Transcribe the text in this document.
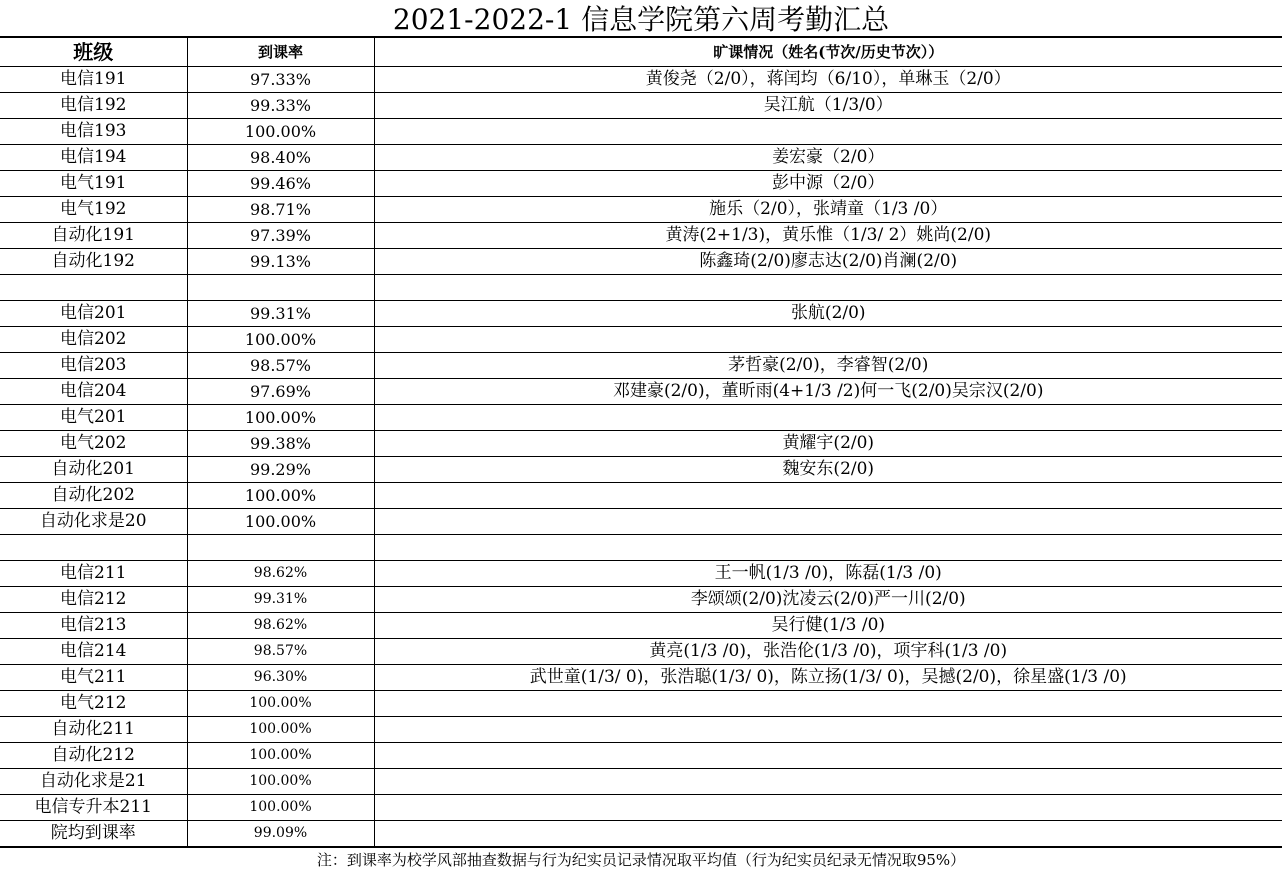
2021-2022-1 信息学院第六周考勤汇总
班级	到课率	旷课情况（姓名(节次/历史节次））
电信191	97.33%	黄俊尧（2/0），蒋闰均（6/10），单琳玉（2/0）
电信192	99.33%	吴江航（1/3/0）
电信193	100.00%	
电信194	98.40%	姜宏豪（2/0）
电气191	99.46%	彭中源（2/0）
电气192	98.71%	施乐（2/0），张靖童（1/3 /0）
自动化191	97.39%	黄涛(2+1/3)，黄乐惟（1/3/ 2）姚尚(2/0)
自动化192	99.13%	陈鑫琦(2/0)廖志达(2/0)肖澜(2/0)

电信201	99.31%	张航(2/0)
电信202	100.00%	
电信203	98.57%	茅哲豪(2/0)，李睿智(2/0)
电信204	97.69%	邓建豪(2/0)，董昕雨(4+1/3 /2)何一飞(2/0)吴宗汉(2/0)
电气201	100.00%	
电气202	99.38%	黄耀宇(2/0)
自动化201	99.29%	魏安东(2/0)
自动化202	100.00%	
自动化求是20	100.00%	

电信211	98.62%	王一帆(1/3 /0)，陈磊(1/3 /0)
电信212	99.31%	李颂颂(2/0)沈凌云(2/0)严一川(2/0)
电信213	98.62%	吴行健(1/3 /0)
电信214	98.57%	黄亮(1/3 /0)，张浩伦(1/3 /0)，项宇科(1/3 /0)
电气211	96.30%	武世童(1/3/ 0)，张浩聪(1/3/ 0)，陈立扬(1/3/ 0)，吴撼(2/0)，徐星盛(1/3 /0)
电气212	100.00%	
自动化211	100.00%	
自动化212	100.00%	
自动化求是21	100.00%	
电信专升本211	100.00%	
院均到课率	99.09%	
注：到课率为校学风部抽查数据与行为纪实员记录情况取平均值（行为纪实员纪录无情况取95%）
